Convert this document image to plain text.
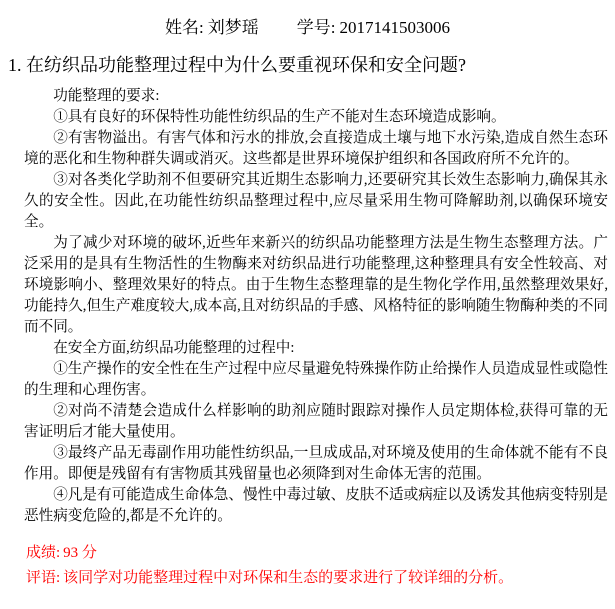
姓名: 刘梦瑶 学号: 2017141503006
1. 在纺织品功能整理过程中为什么要重视环保和安全问题?

功能整理的要求:

①具有良好的环保特性功能性纺织品的生产不能对生态环境造成影响。

②有害物溢出。有害气体和污水的排放,会直接造成土壤与地下水污染,造成自然生态环境的恶化和生物种群失调或消灭。这些都是世界环境保护组织和各国政府所不允许的。

③对各类化学助剂不但要研究其近期生态影响力,还要研究其长效生态影响力,确保其永久的安全性。因此,在功能性纺织品整理过程中,应尽量采用生物可降解助剂,以确保环境安全。

为了减少对环境的破坏,近些年来新兴的纺织品功能整理方法是生物生态整理方法。广泛采用的是具有生物活性的生物酶来对纺织品进行功能整理,这种整理具有安全性较高、对环境影响小、整理效果好的特点。由于生物生态整理靠的是生物化学作用,虽然整理效果好,功能持久,但生产难度较大,成本高,且对纺织品的手感、风格特征的影响随生物酶种类的不同而不同。

在安全方面,纺织品功能整理的过程中:

①生产操作的安全性在生产过程中应尽量避免特殊操作防止给操作人员造成显性或隐性的生理和心理伤害。

②对尚不清楚会造成什么样影响的助剂应随时跟踪对操作人员定期体检,获得可靠的无害证明后才能大量使用。

③最终产品无毒副作用功能性纺织品,一旦成成品,对环境及使用的生命体就不能有不良作用。即便是残留有有害物质其残留量也必须降到对生命体无害的范围。

④凡是有可能造成生命体急、慢性中毒过敏、皮肤不适或病症以及诱发其他病变特别是恶性病变危险的,都是不允许的。

成绩: 93 分

评语: 该同学对功能整理过程中对环保和生态的要求进行了较详细的分析。
